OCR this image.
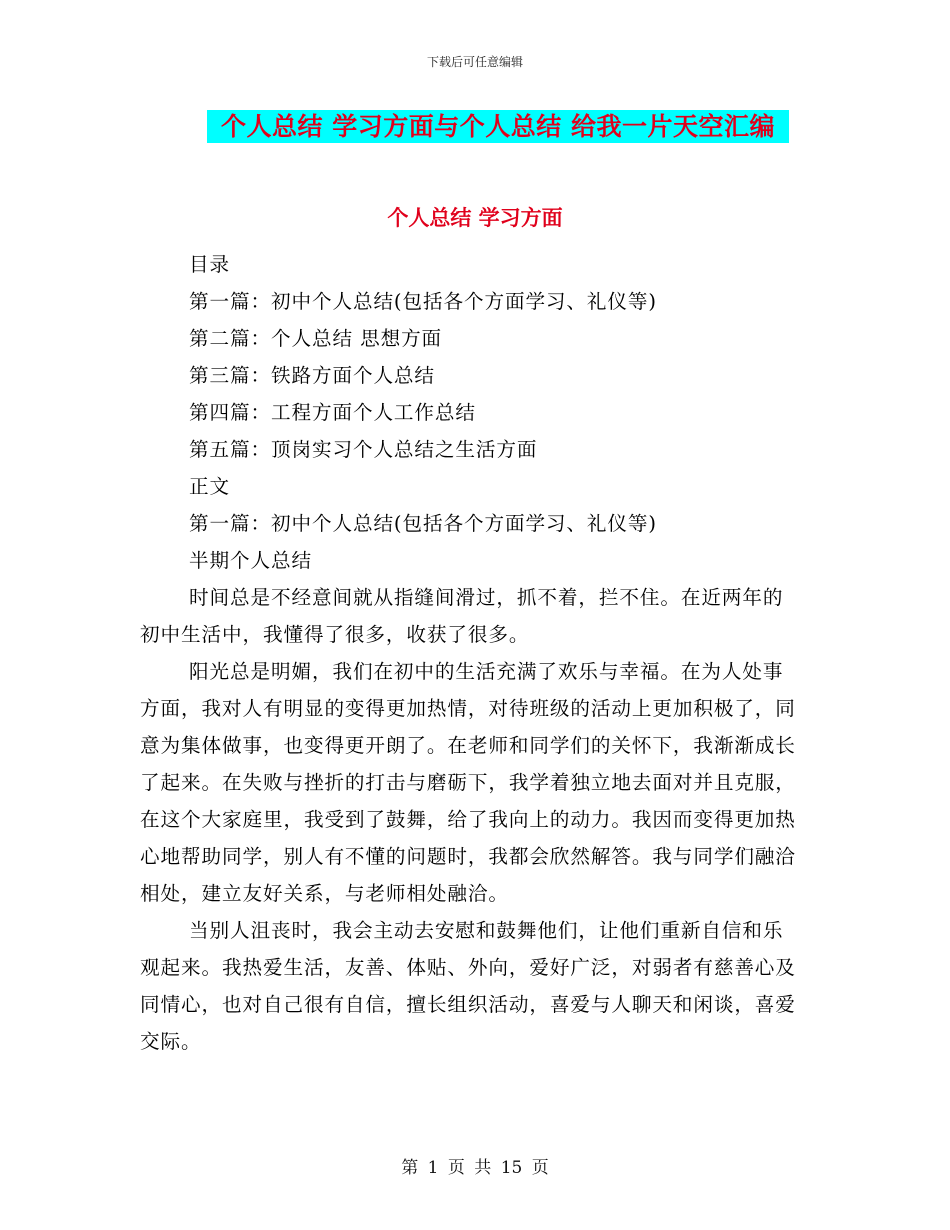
下载后可任意编辑
个人总结 学习方面与个人总结 给我一片天空汇编
个人总结 学习方面
目录
第一篇：初中个人总结(包括各个方面学习、礼仪等)
第二篇：个人总结 思想方面
第三篇：铁路方面个人总结
第四篇：工程方面个人工作总结
第五篇：顶岗实习个人总结之生活方面
正文
第一篇：初中个人总结(包括各个方面学习、礼仪等)
半期个人总结

时间总是不经意间就从指缝间滑过，抓不着，拦不住。在近两年的初中生活中，我懂得了很多，收获了很多。

阳光总是明媚，我们在初中的生活充满了欢乐与幸福。在为人处事方面，我对人有明显的变得更加热情，对待班级的活动上更加积极了，同意为集体做事，也变得更开朗了。在老师和同学们的关怀下，我渐渐成长了起来。在失败与挫折的打击与磨砺下，我学着独立地去面对并且克服，在这个大家庭里，我受到了鼓舞，给了我向上的动力。我因而变得更加热心地帮助同学，别人有不懂的问题时，我都会欣然解答。我与同学们融洽相处，建立友好关系，与老师相处融洽。

当别人沮丧时，我会主动去安慰和鼓舞他们，让他们重新自信和乐观起来。我热爱生活，友善、体贴、外向，爱好广泛，对弱者有慈善心及同情心，也对自己很有自信，擅长组织活动，喜爱与人聊天和闲谈，喜爱交际。

第 1 页 共 15 页
